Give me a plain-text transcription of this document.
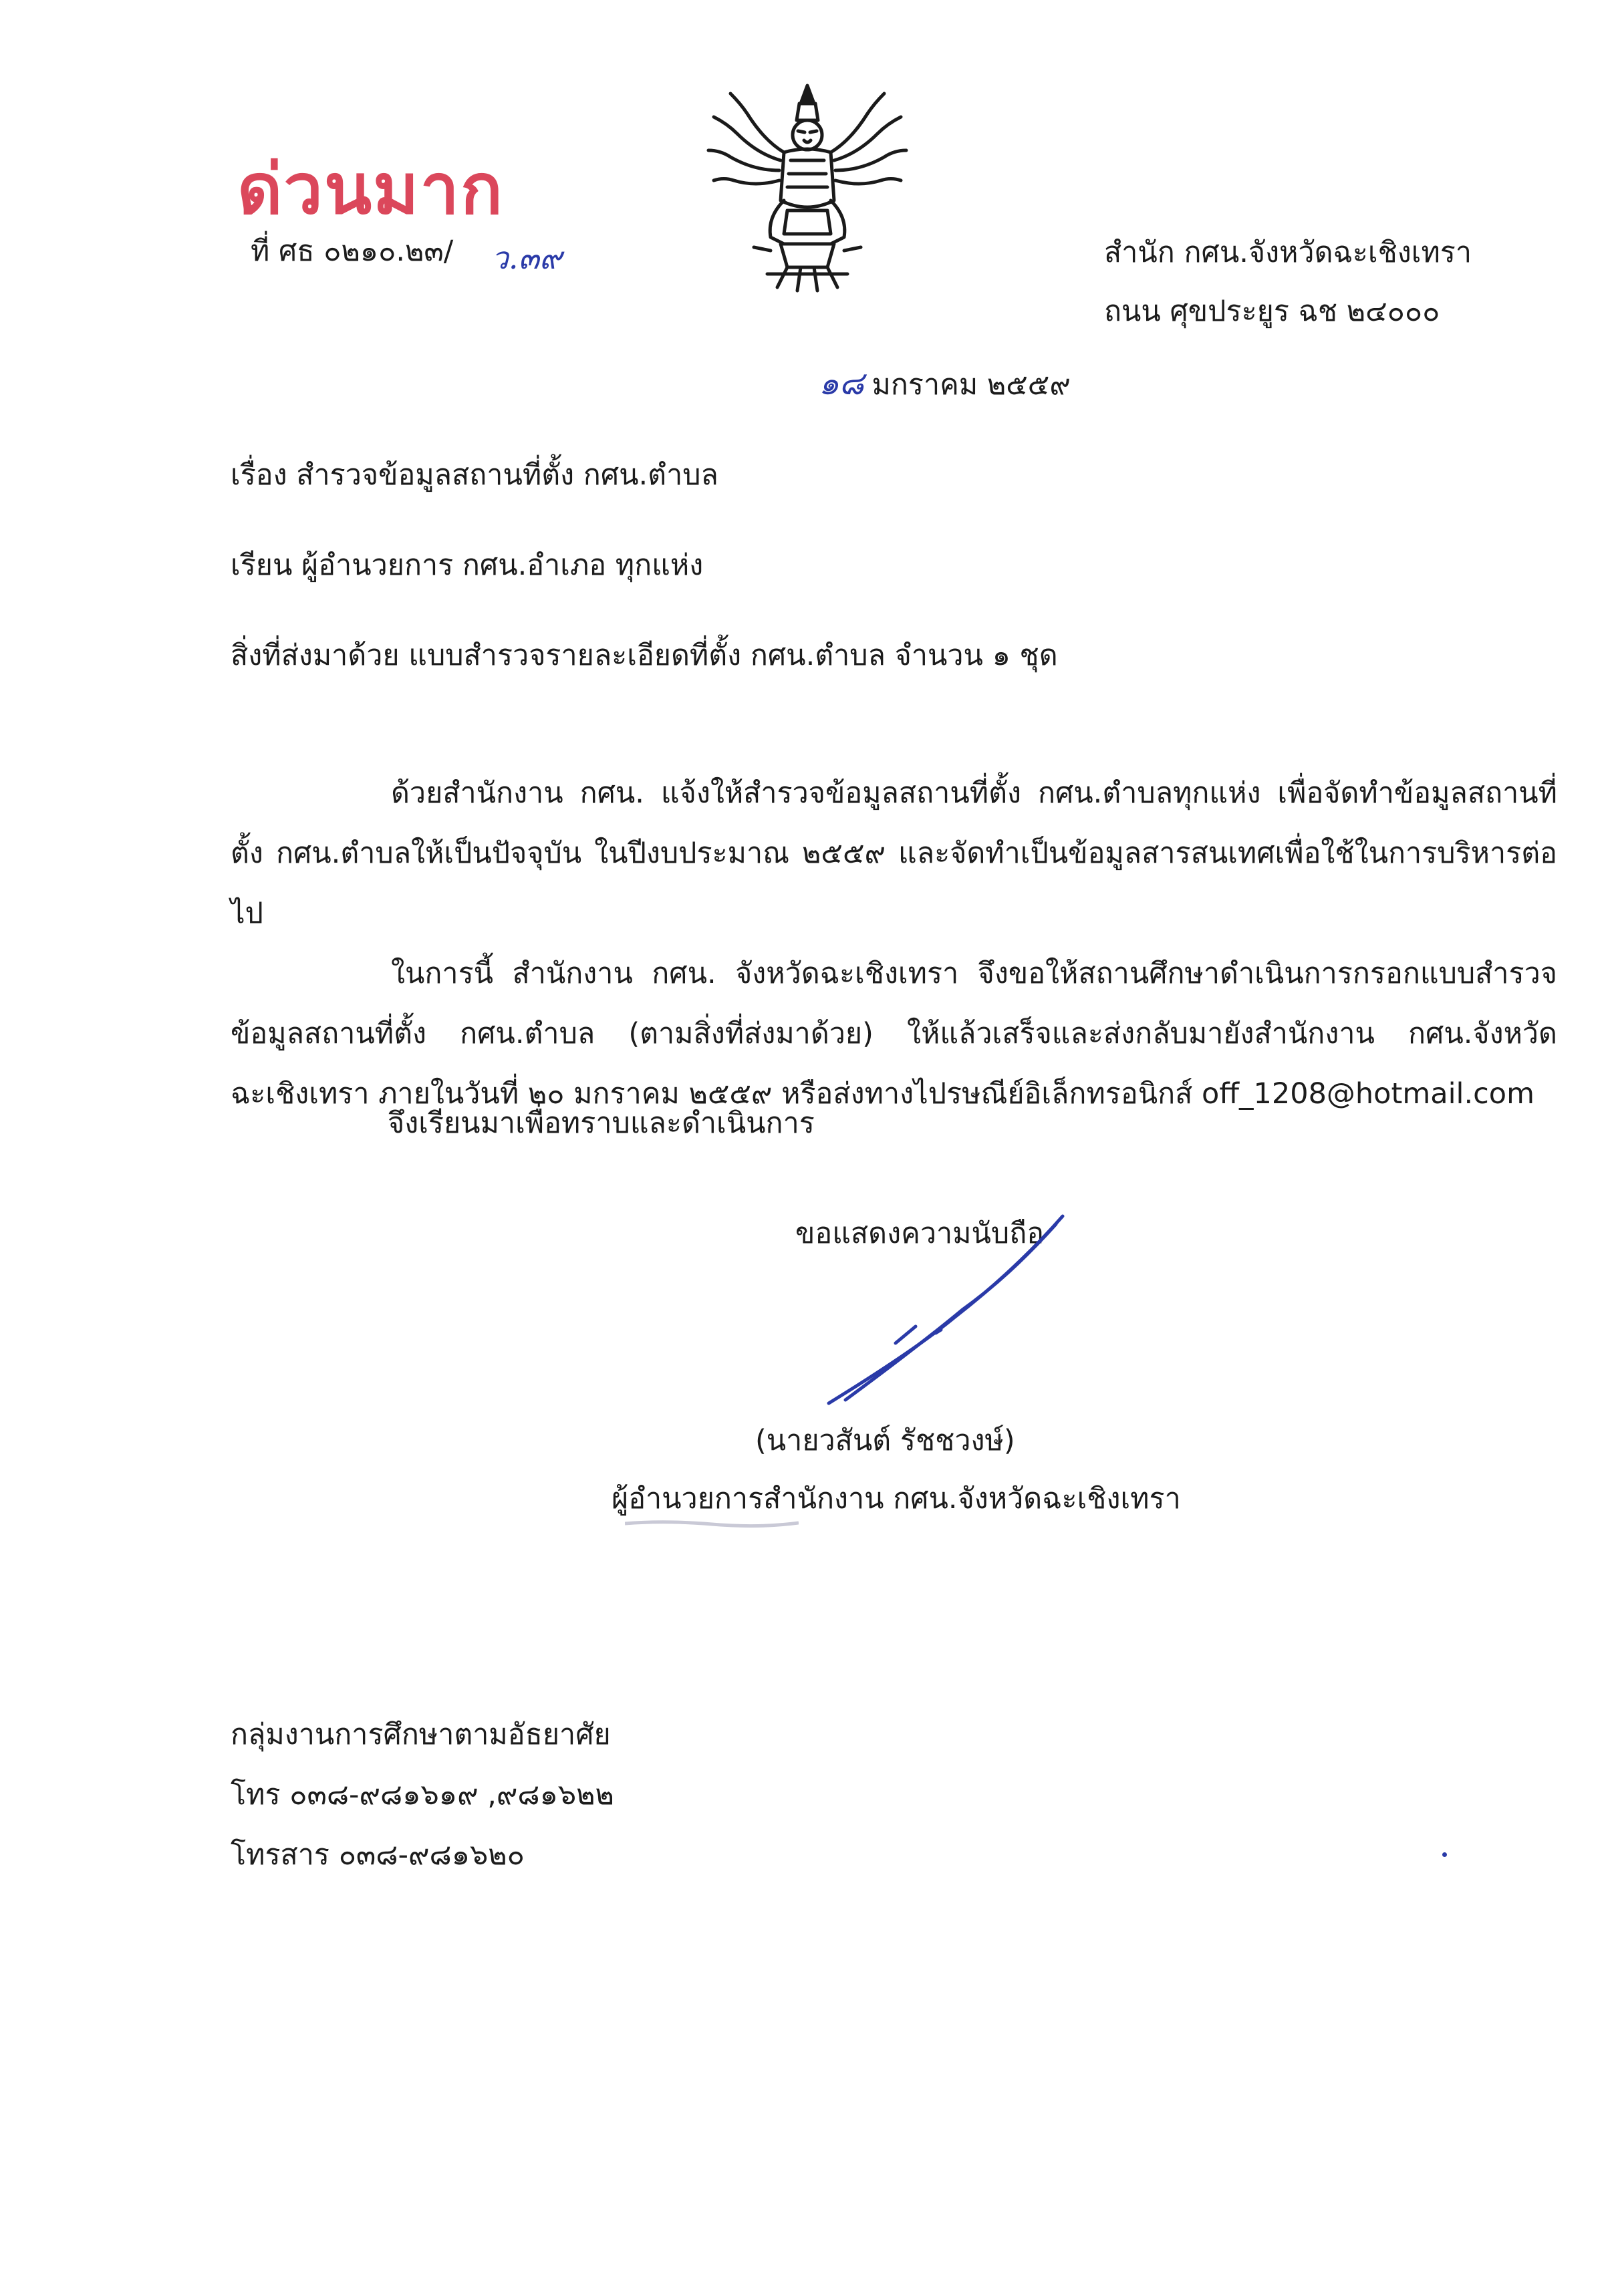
ด่วนมาก
ที่ ศธ ๐๒๑๐.๒๓/ ว.๓๙	สำนัก กศน.จังหวัดฉะเชิงเทรา
ถนน ศุขประยูร ฉช ๒๔๐๐๐
๑๘ มกราคม ๒๕๕๙
เรื่อง สำรวจข้อมูลสถานที่ตั้ง กศน.ตำบล
เรียน ผู้อำนวยการ กศน.อำเภอ ทุกแห่ง
สิ่งที่ส่งมาด้วย แบบสำรวจรายละเอียดที่ตั้ง กศน.ตำบล จำนวน ๑ ชุด

ด้วยสำนักงาน กศน. แจ้งให้สำรวจข้อมูลสถานที่ตั้ง กศน.ตำบลทุกแห่ง เพื่อจัดทำข้อมูลสถานที่ตั้ง กศน.ตำบลให้เป็นปัจจุบัน ในปีงบประมาณ ๒๕๕๙ และจัดทำเป็นข้อมูลสารสนเทศเพื่อใช้ในการบริหารต่อไป

ในการนี้ สำนักงาน กศน. จังหวัดฉะเชิงเทรา จึงขอให้สถานศึกษาดำเนินการกรอกแบบสำรวจข้อมูลสถานที่ตั้ง กศน.ตำบล (ตามสิ่งที่ส่งมาด้วย) ให้แล้วเสร็จและส่งกลับมายังสำนักงาน กศน.จังหวัดฉะเชิงเทรา ภายในวันที่ ๒๐ มกราคม ๒๕๕๙ หรือส่งทางไปรษณีย์อิเล็กทรอนิกส์ off_1208@hotmail.com

จึงเรียนมาเพื่อทราบและดำเนินการ
ขอแสดงความนับถือ
(นายวสันต์ รัชชวงษ์)
ผู้อำนวยการสำนักงาน กศน.จังหวัดฉะเชิงเทรา
กลุ่มงานการศึกษาตามอัธยาศัย
โทร ๐๓๘-๙๘๑๖๑๙ ,๙๘๑๖๒๒
โทรสาร ๐๓๘-๙๘๑๖๒๐
